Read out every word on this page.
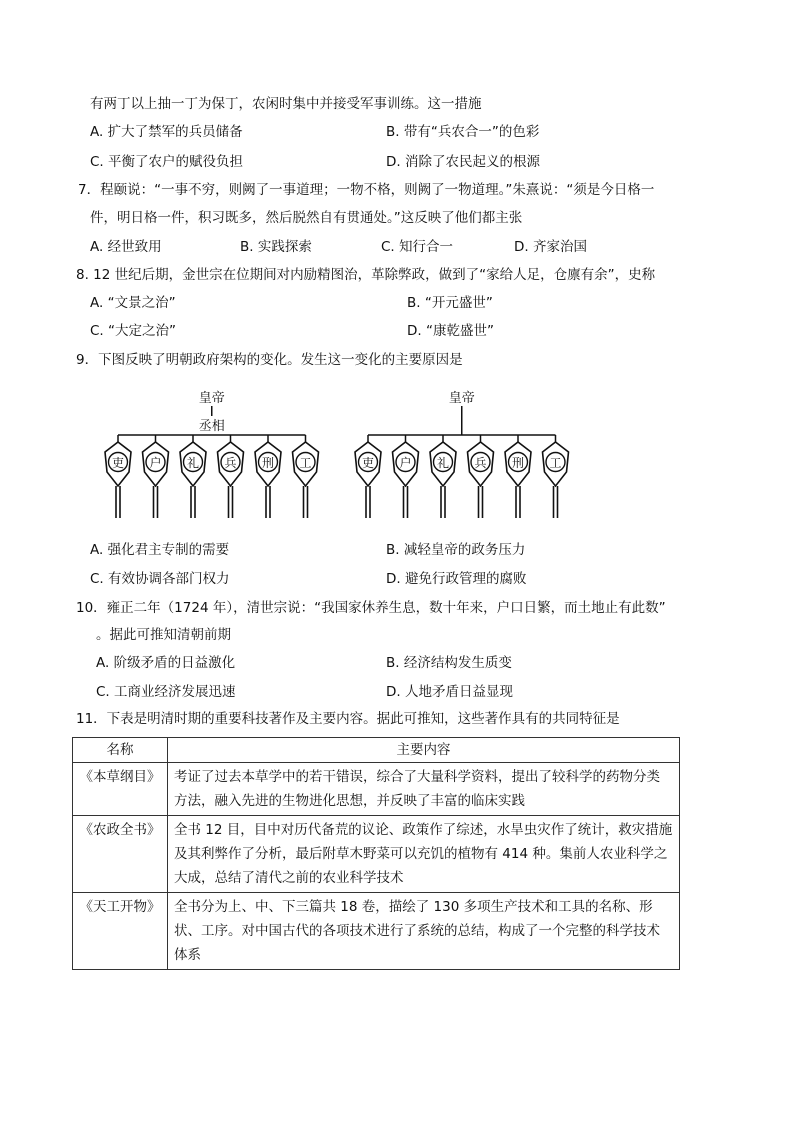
有两丁以上抽一丁为保丁，农闲时集中并接受军事训练。这一措施
A. 扩大了禁军的兵员储备	B. 带有“兵农合一”的色彩
C. 平衡了农户的赋役负担	D. 消除了农民起义的根源
7．程颐说：“一事不穷，则阙了一事道理；一物不格，则阙了一物道理。”朱熹说：“须是今日格一
件，明日格一件，积习既多，然后脱然自有贯通处。”这反映了他们都主张
A. 经世致用	B. 实践探索	C. 知行合一	D. 齐家治国
8. 12 世纪后期，金世宗在位期间对内励精图治，革除弊政，做到了“家给人足，仓廪有余”，史称
A. “文景之治”	B. “开元盛世”
C. “大定之治”	D. “康乾盛世”
9．下图反映了明朝政府架构的变化。发生这一变化的主要原因是
A. 强化君主专制的需要	B. 减轻皇帝的政务压力
C. 有效协调各部门权力	D. 避免行政管理的腐败
10．雍正二年（1724 年），清世宗说：“我国家休养生息，数十年来，户口日繁，而土地止有此数”
。据此可推知清朝前期
A. 阶级矛盾的日益激化	B. 经济结构发生质变
C. 工商业经济发展迅速	D. 人地矛盾日益显现
11．下表是明清时期的重要科技著作及主要内容。据此可推知，这些著作具有的共同特征是
皇帝
丞相
吏 户 礼 兵 刑 工
皇帝
吏 户 礼 兵 刑 工
名称	主要内容
《本草纲目》	考证了过去本草学中的若干错误，综合了大量科学资料，提出了较科学的药物分类方法，融入先进的生物进化思想，并反映了丰富的临床实践
《农政全书》	全书 12 目，目中对历代备荒的议论、政策作了综述，水旱虫灾作了统计，救灾措施及其利弊作了分析，最后附草木野菜可以充饥的植物有 414 种。集前人农业科学之大成，总结了清代之前的农业科学技术
《天工开物》	全书分为上、中、下三篇共 18 卷，描绘了 130 多项生产技术和工具的名称、形状、工序。对中国古代的各项技术进行了系统的总结，构成了一个完整的科学技术体系
